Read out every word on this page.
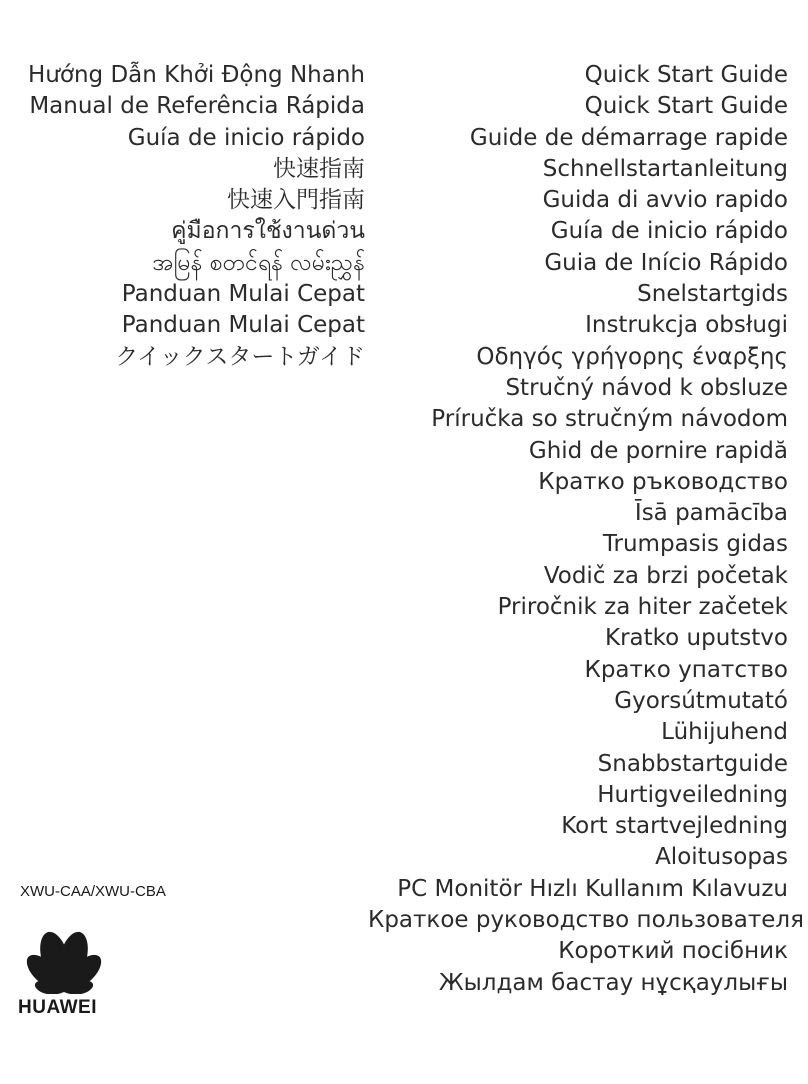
Hướng Dẫn Khởi Động Nhanh
Manual de Referência Rápida
Guía de inicio rápido
快速指南
快速入門指南
คู่มือการใช้งานด่วน
အမြန် စတင်ရန် လမ်းညွှန်
Panduan Mulai Cepat
Panduan Mulai Cepat
クイックスタートガイド
Quick Start Guide
Quick Start Guide
Guide de démarrage rapide
Schnellstartanleitung
Guida di avvio rapido
Guía de inicio rápido
Guia de Início Rápido
Snelstartgids
Instrukcja obsługi
Οδηγός γρήγορης έναρξης
Stručný návod k obsluze
Príručka so stručným návodom
Ghid de pornire rapidă
Кратко ръководство
Īsā pamācība
Trumpasis gidas
Vodič za brzi početak
Priročnik za hiter začetek
Kratko uputstvo
Кратко упатство
Gyorsútmutató
Lühijuhend
Snabbstartguide
Hurtigveiledning
Kort startvejledning
Aloitusopas
PC Monitör Hızlı Kullanım Kılavuzu
Краткое руководство пользователя
Короткий посібник
Жылдам бастау нұсқаулығы
XWU-CAA/XWU-CBA
HUAWEI
